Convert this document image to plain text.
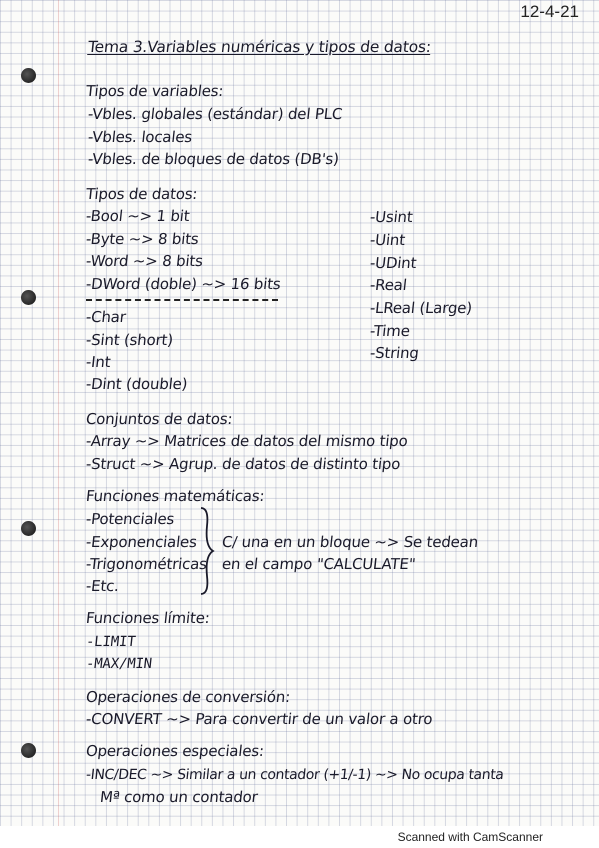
12-4-21
Tema 3.Variables numéricas y tipos de datos:
Tipos de variables:
-Vbles. globales (estándar) del PLC
-Vbles. locales
-Vbles. de bloques de datos (DB's)
Tipos de datos:
-Bool ~> 1 bit
-Byte ~> 8 bits
-Word ~> 8 bits
-DWord (doble) ~> 16 bits
-Char
-Sint (short)
-Int
-Dint (double)
-Usint
-Uint
-UDint
-Real
-LReal (Large)
-Time
-String
Conjuntos de datos:
-Array ~> Matrices de datos del mismo tipo
-Struct ~> Agrup. de datos de distinto tipo
Funciones matemáticas:
-Potenciales
-Exponenciales
-Trigonométricas
-Etc.
C/ una en un bloque ~> Se tedean
en el campo "CALCULATE"
Funciones límite:
-LIMIT
-MAX/MIN
Operaciones de conversión:
-CONVERT ~> Para convertir de un valor a otro
Operaciones especiales:
-INC/DEC ~> Similar a un contador (+1/-1) ~> No ocupa tanta
Mª como un contador
Scanned with CamScanner
